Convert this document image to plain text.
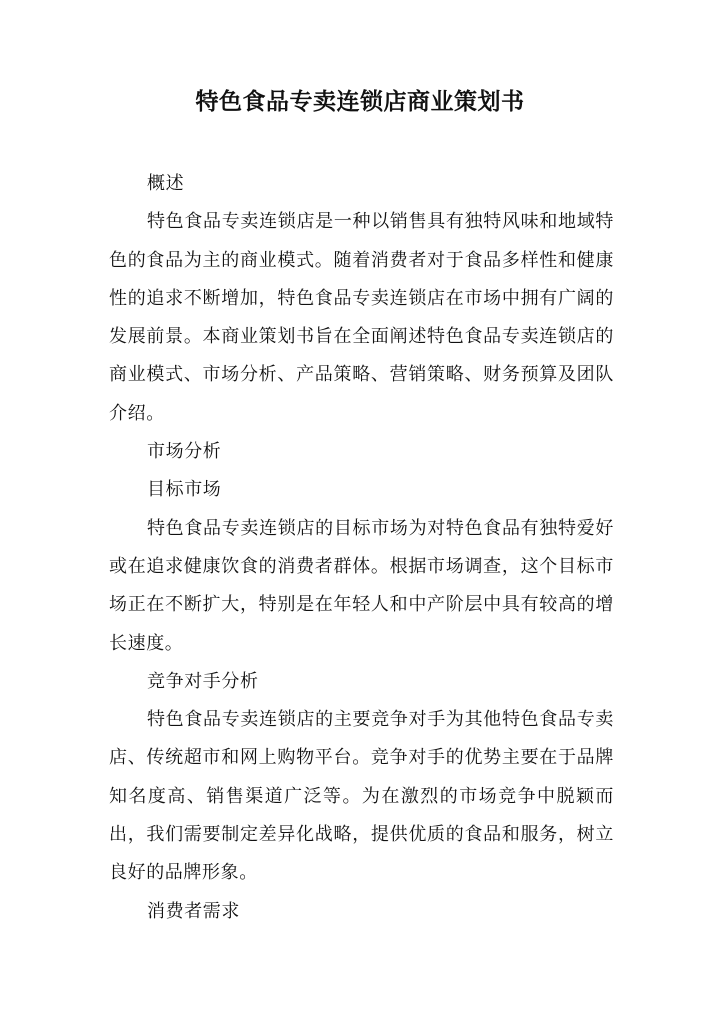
特色食品专卖连锁店商业策划书

概述

特色食品专卖连锁店是一种以销售具有独特风味和地域特色的食品为主的商业模式。随着消费者对于食品多样性和健康性的追求不断增加，特色食品专卖连锁店在市场中拥有广阔的发展前景。本商业策划书旨在全面阐述特色食品专卖连锁店的商业模式、市场分析、产品策略、营销策略、财务预算及团队介绍。

市场分析

目标市场

特色食品专卖连锁店的目标市场为对特色食品有独特爱好或在追求健康饮食的消费者群体。根据市场调查，这个目标市场正在不断扩大，特别是在年轻人和中产阶层中具有较高的增长速度。

竞争对手分析

特色食品专卖连锁店的主要竞争对手为其他特色食品专卖店、传统超市和网上购物平台。竞争对手的优势主要在于品牌知名度高、销售渠道广泛等。为在激烈的市场竞争中脱颖而出，我们需要制定差异化战略，提供优质的食品和服务，树立良好的品牌形象。

消费者需求
